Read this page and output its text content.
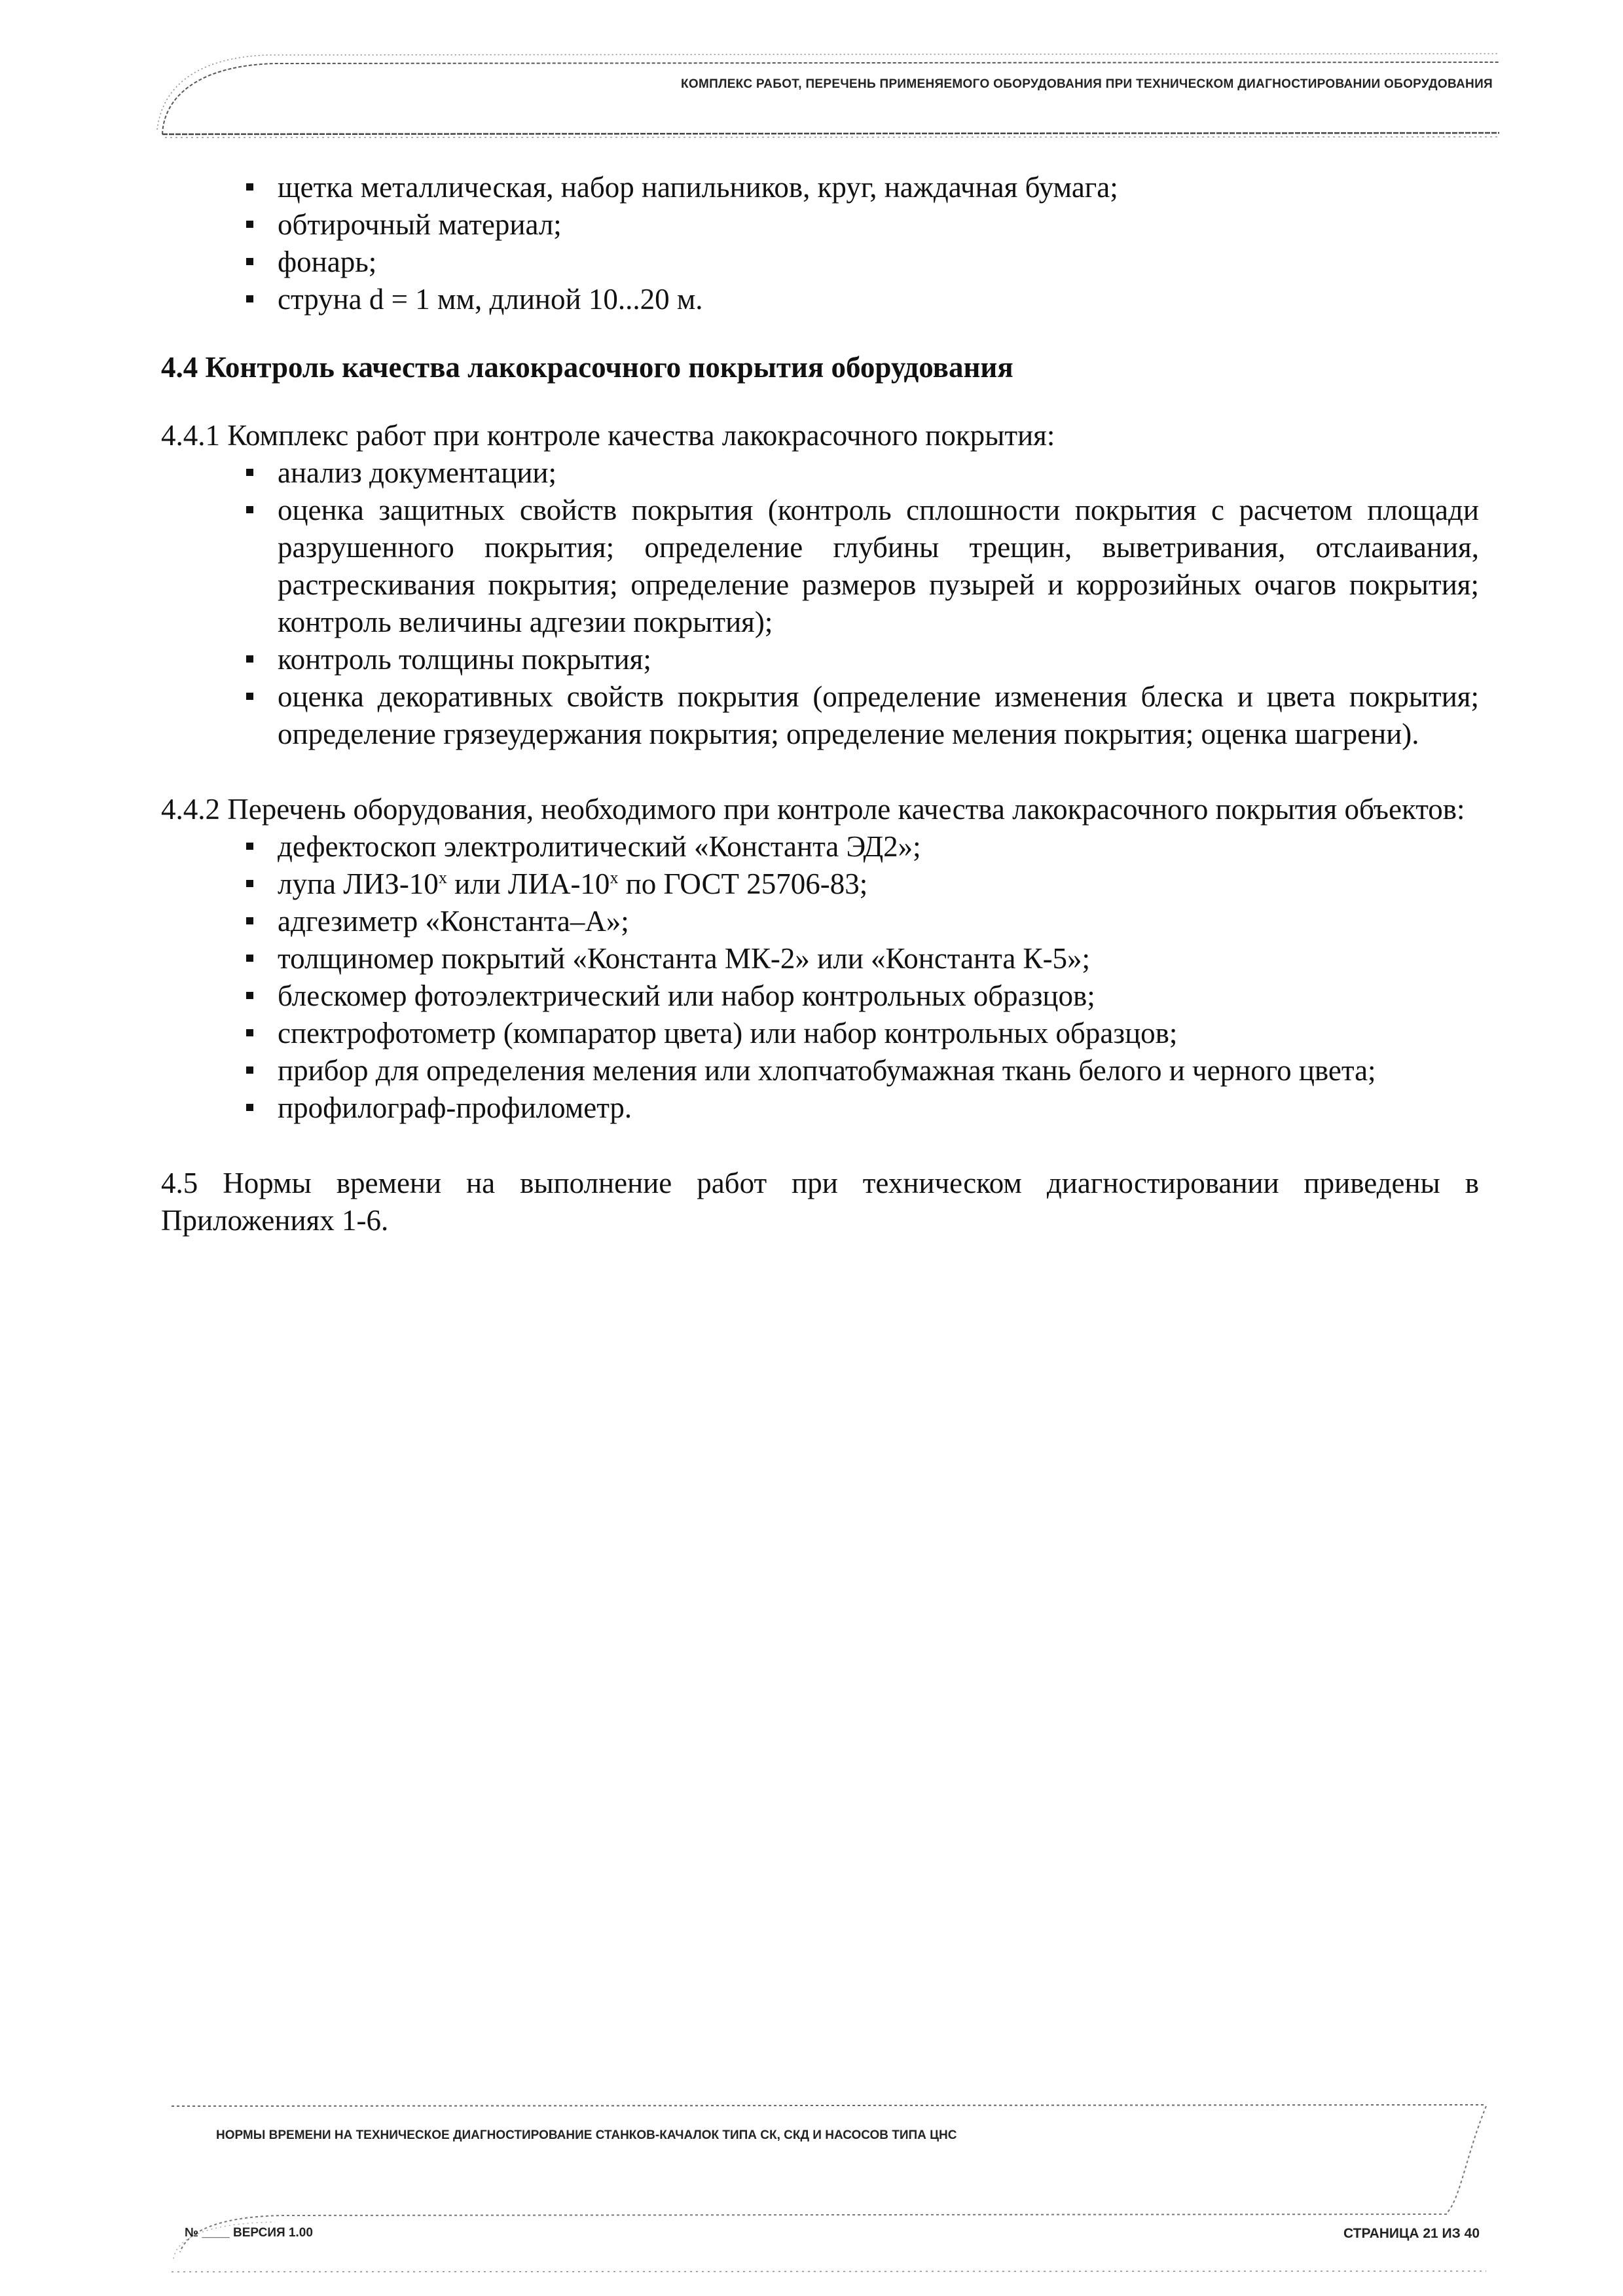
КОМПЛЕКС РАБОТ, ПЕРЕЧЕНЬ ПРИМЕНЯЕМОГО ОБОРУДОВАНИЯ ПРИ ТЕХНИЧЕСКОМ ДИАГНОСТИРОВАНИИ ОБОРУДОВАНИЯ
щетка металлическая, набор напильников, круг, наждачная бумага;
обтирочный материал;
фонарь;
струна d = 1 мм, длиной 10...20 м.
4.4 Контроль качества лакокрасочного покрытия оборудования

4.4.1 Комплекс работ при контроле качества лакокрасочного покрытия:

анализ документации;
оценка защитных свойств покрытия (контроль сплошности покрытия с расчетом площади разрушенного покрытия; определение глубины трещин, выветривания, отслаивания, растрескивания покрытия; определение размеров пузырей и коррозийных очагов покрытия; контроль величины адгезии покрытия);
контроль толщины покрытия;
оценка декоративных свойств покрытия (определение изменения блеска и цвета покрытия; определение грязеудержания покрытия; определение меления покрытия; оценка шагрени).

4.4.2 Перечень оборудования, необходимого при контроле качества лакокрасочного покрытия объектов:

дефектоскоп электролитический «Константа ЭД2»;
лупа ЛИЗ-10$^x$ или ЛИА-10$^x$ по ГОСТ 25706-83;
адгезиметр «Константа–А»;
толщиномер покрытий «Константа МК-2» или «Константа К-5»;
блескомер фотоэлектрический или набор контрольных образцов;
спектрофотометр (компаратор цвета) или набор контрольных образцов;
прибор для определения меления или хлопчатобумажная ткань белого и черного цвета;
профилограф-профилометр.

4.5 Нормы времени на выполнение работ при техническом диагностировании приведены в Приложениях 1-6.

НОРМЫ ВРЕМЕНИ НА ТЕХНИЧЕСКОЕ ДИАГНОСТИРОВАНИЕ СТАНКОВ-КАЧАЛОК ТИПА СК, СКД И НАСОСОВ ТИПА ЦНС
№ ____ ВЕРСИЯ 1.00	СТРАНИЦА 21 ИЗ 40
